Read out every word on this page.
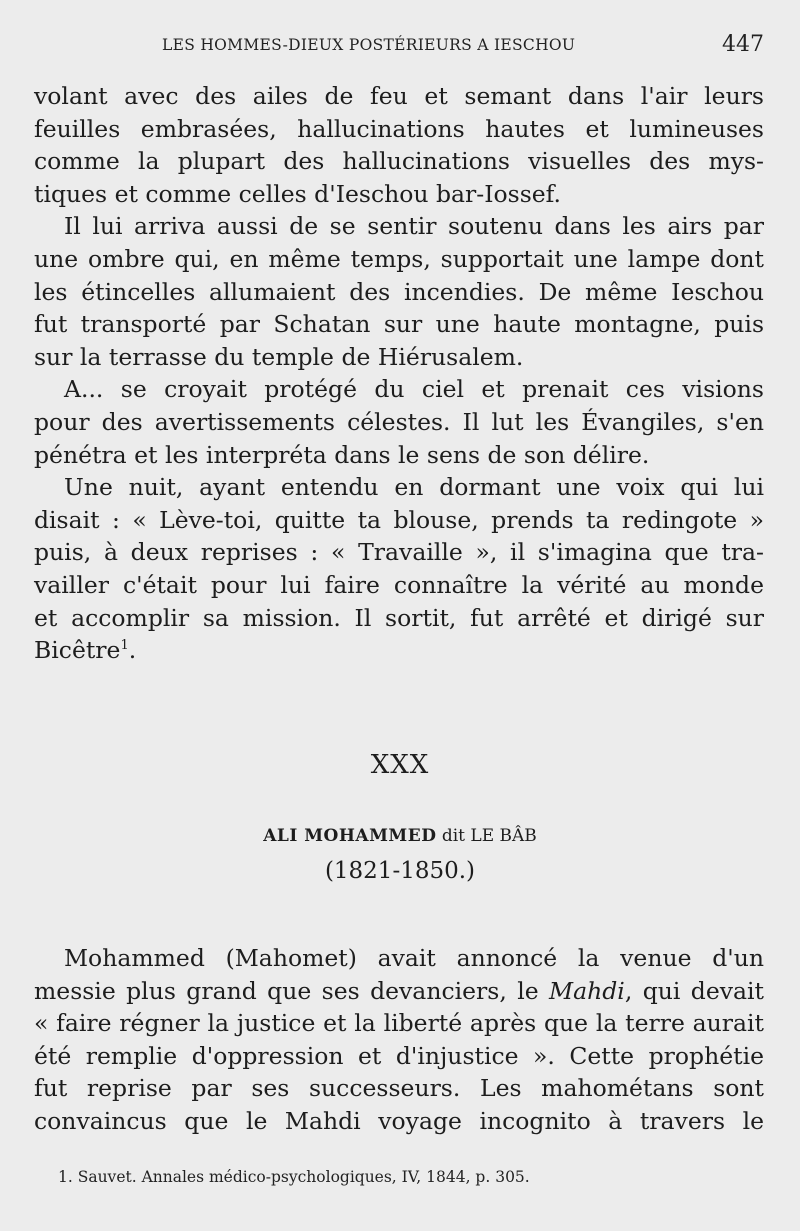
LES HOMMES-DIEUX POSTÉRIEURS A IESCHOU	447
volant avec des ailes de feu et semant dans l'air leurs
feuilles embrasées, hallucinations hautes et lumineuses
comme la plupart des hallucinations visuelles des mys-
tiques et comme celles d'Ieschou bar-Iossef.
Il lui arriva aussi de se sentir soutenu dans les airs par
une ombre qui, en même temps, supportait une lampe dont
les étincelles allumaient des incendies. De même Ieschou
fut transporté par Schatan sur une haute montagne, puis
sur la terrasse du temple de Hiérusalem.
A... se croyait protégé du ciel et prenait ces visions
pour des avertissements célestes. Il lut les Évangiles, s'en
pénétra et les interpréta dans le sens de son délire.
Une nuit, ayant entendu en dormant une voix qui lui
disait : « Lève-toi, quitte ta blouse, prends ta redingote »
puis, à deux reprises : « Travaille », il s'imagina que tra-
vailler c'était pour lui faire connaître la vérité au monde
et accomplir sa mission. Il sortit, fut arrêté et dirigé sur
Bicêtre$^1$.
XXX
ALI MOHAMMED dit LE BÂB
(1821-1850.)
Mohammed (Mahomet) avait annoncé la venue d'un
messie plus grand que ses devanciers, le Mahdi, qui devait
« faire régner la justice et la liberté après que la terre aurait
été remplie d'oppression et d'injustice ». Cette prophétie
fut reprise par ses successeurs. Les mahométans sont
convaincus que le Mahdi voyage incognito à travers le
1. Sauvet. Annales médico-psychologiques, IV, 1844, p. 305.
